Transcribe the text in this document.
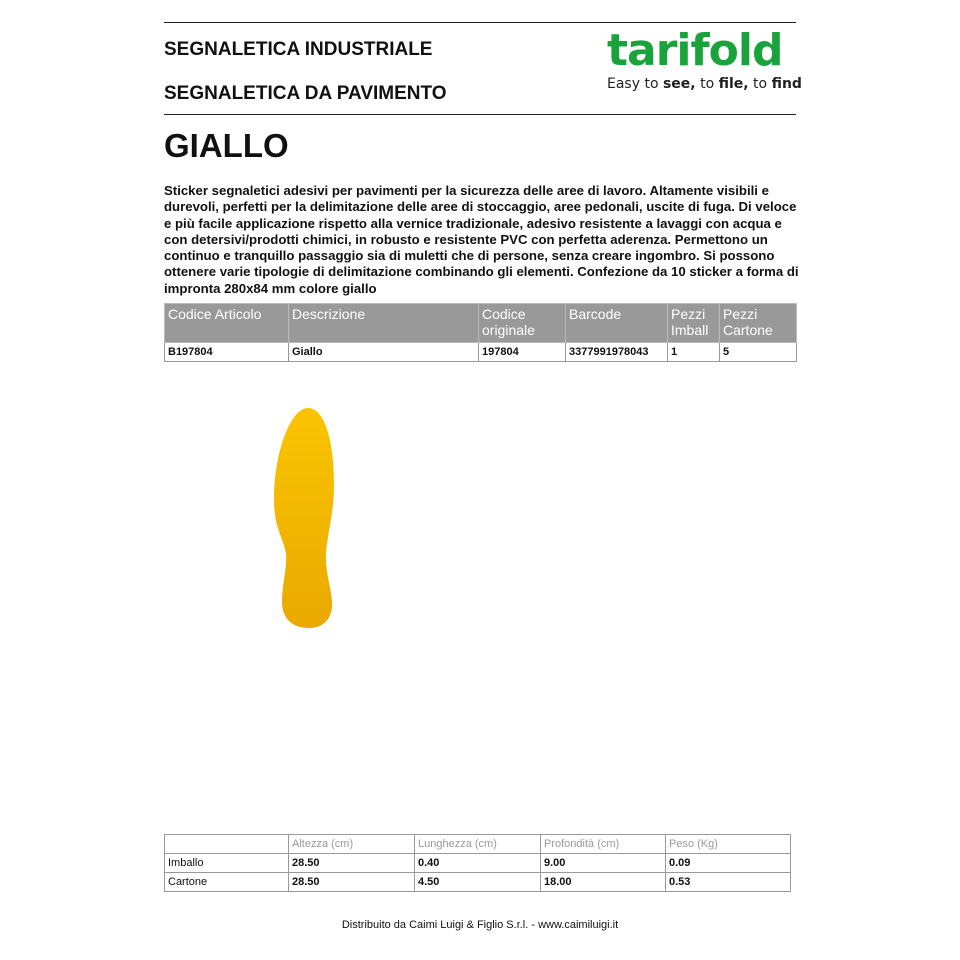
SEGNALETICA INDUSTRIALE
SEGNALETICA DA PAVIMENTO
tarifold
Easy to see, to file, to find
GIALLO
Sticker segnaletici adesivi per pavimenti per la sicurezza delle aree di lavoro. Altamente visibili e durevoli, perfetti per la delimitazione delle aree di stoccaggio, aree pedonali, uscite di fuga. Di veloce e più facile applicazione rispetto alla vernice tradizionale, adesivo resistente a lavaggi con acqua e con detersivi/prodotti chimici, in robusto e resistente PVC con perfetta aderenza. Permettono un continuo e tranquillo passaggio sia di muletti che di persone, senza creare ingombro. Si possono ottenere varie tipologie di delimitazione combinando gli elementi. Confezione da 10 sticker a forma di impronta 280x84 mm colore giallo
Codice Articolo	Descrizione	Codice originale	Barcode	Pezzi Imball	Pezzi Cartone
B197804	Giallo	197804	3377991978043	1	5
	Altezza (cm)	Lunghezza (cm)	Profondità (cm)	Peso (Kg)
Imballo	28.50	0.40	9.00	0.09
Cartone	28.50	4.50	18.00	0.53
Distribuito da Caimi Luigi & Figlio S.r.l. - www.caimiluigi.it
